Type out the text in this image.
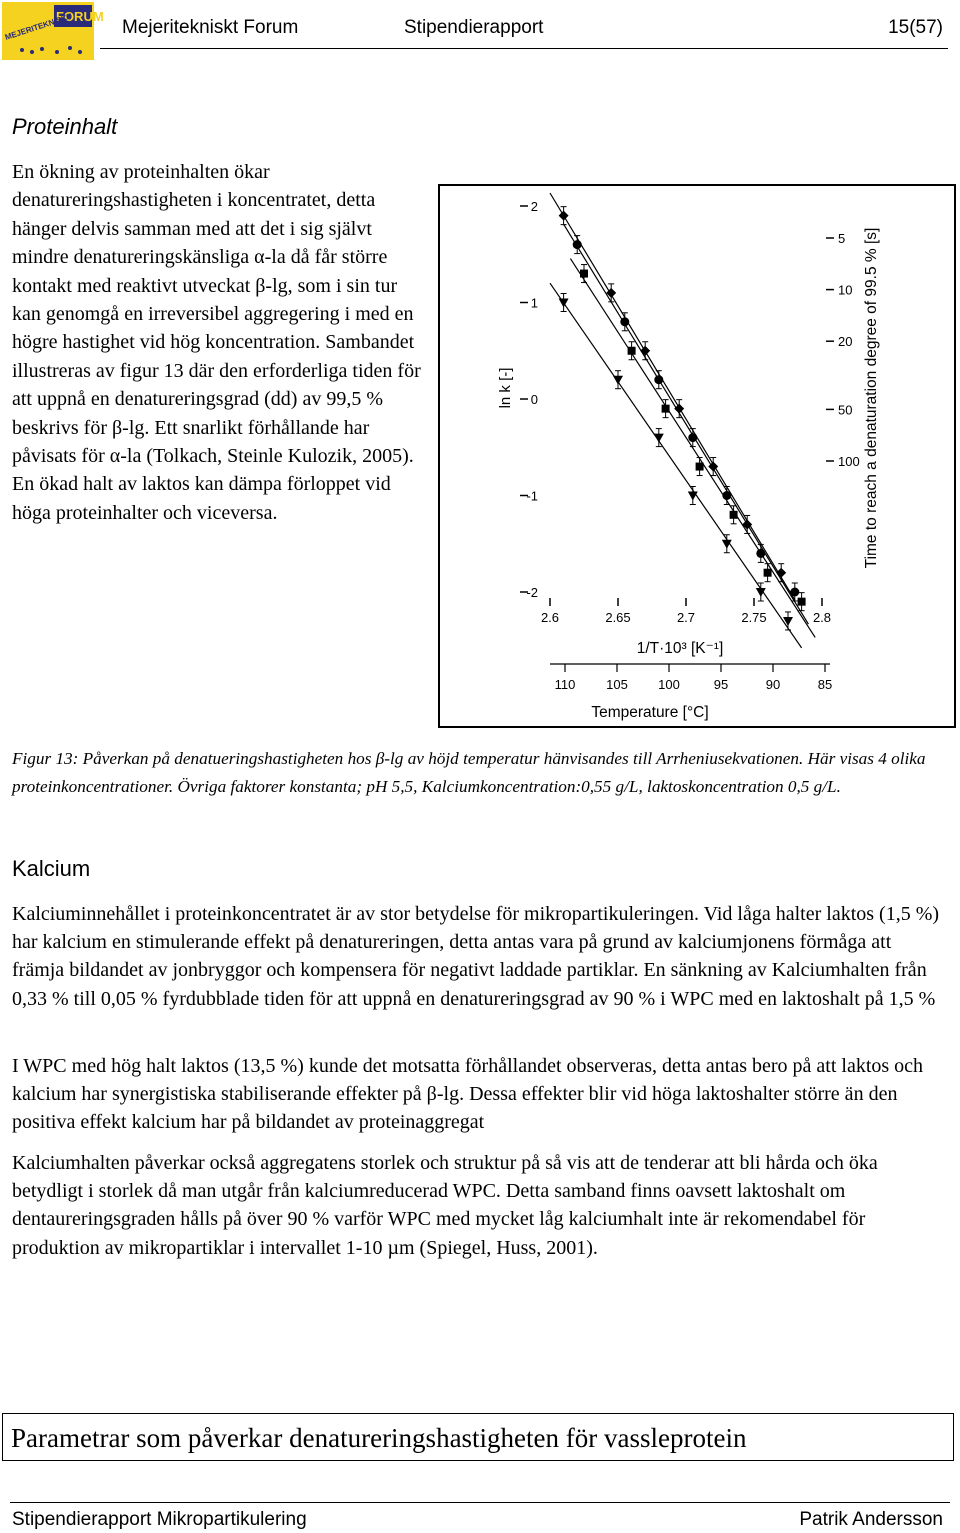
FORUM
MEJERITEKNISKT	Mejeritekniskt Forum	Stipendierapport	15(57)
Proteinhalt

En ökning av proteinhalten ökar denatureringshastigheten i koncentratet, detta hänger delvis samman med att det i sig självt mindre denatureringskänsliga α-la då får större kontakt med reaktivt utveckat β-lg, som i sin tur kan genomgå en irreversibel aggregering i med en högre hastighet vid hög koncentration. Sambandet illustreras av figur 13 där den erforderliga tiden för att uppnå en denatureringsgrad (dd) av 99,5 % beskrivs för β-lg. Ett snarlikt förhållande har påvisats för α-la (Tolkach, Steinle Kulozik, 2005). En ökad halt av laktos kan dämpa förloppet vid höga proteinhalter och viceversa.

2
1
0
-1
-2
2.6	2.65	2.7	2.75	2.8
5
10
20
50
100
110 105 100	95	90	85
ln k [-]	Time to reach a denaturation degree of 99.5 % [s]
1/T·10³ [K⁻¹]
Temperature [°C]

Figur 13: Påverkan på denatueringshastigheten hos β-lg av höjd temperatur hänvisandes till Arrheniusekvationen. Här visas 4 olika proteinkoncentrationer. Övriga faktorer konstanta; pH 5,5, Kalciumkoncentration:0,55 g/L, laktoskoncentration 0,5 g/L.

Kalcium

Kalciuminnehållet i proteinkoncentratet är av stor betydelse för mikropartikuleringen. Vid låga halter laktos (1,5 %) har kalcium en stimulerande effekt på denatureringen, detta antas vara på grund av kalciumjonens förmåga att främja bildandet av jonbryggor och kompensera för negativt laddade partiklar. En sänkning av Kalciumhalten från 0,33 % till 0,05 % fyrdubblade tiden för att uppnå en denatureringsgrad av 90 % i WPC med en laktoshalt på 1,5 %

I WPC med hög halt laktos (13,5 %) kunde det motsatta förhållandet observeras, detta antas bero på att laktos och kalcium har synergistiska stabiliserande effekter på β-lg. Dessa effekter blir vid höga laktoshalter större än den positiva effekt kalcium har på bildandet av proteinaggregat

Kalciumhalten påverkar också aggregatens storlek och struktur på så vis att de tenderar att bli hårda och öka betydligt i storlek då man utgår från kalciumreducerad WPC. Detta samband finns oavsett laktoshalt om dentaureringsgraden hålls på över 90 % varför WPC med mycket låg kalciumhalt inte är rekomendabel för produktion av mikropartiklar i intervallet 1-10 µm (Spiegel, Huss, 2001).

Parametrar som påverkar denatureringshastigheten för vassleprotein
Stipendierapport Mikropartikulering	Patrik Andersson
